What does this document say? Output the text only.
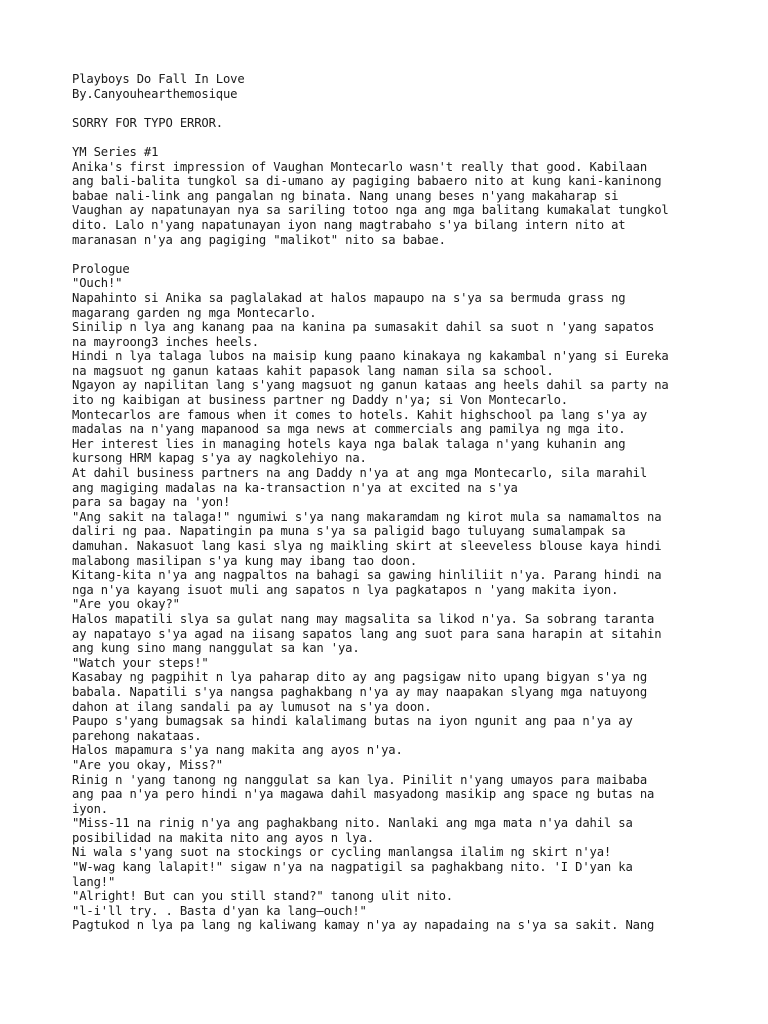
Playboys Do Fall In Love
By.Canyouhearthemosique
SORRY FOR TYPO ERROR.
YM Series #1
Anika's first impression of Vaughan Montecarlo wasn't really that good. Kabilaan
ang bali-balita tungkol sa di-umano ay pagiging babaero nito at kung kani-kaninong
babae nali-link ang pangalan ng binata. Nang unang beses n'yang makaharap si
Vaughan ay napatunayan nya sa sariling totoo nga ang mga balitang kumakalat tungkol
dito. Lalo n'yang napatunayan iyon nang magtrabaho s'ya bilang intern nito at
maranasan n'ya ang pagiging "malikot" nito sa babae.
Prologue
"Ouch!"
Napahinto si Anika sa paglalakad at halos mapaupo na s'ya sa bermuda grass ng
magarang garden ng mga Montecarlo.
Sinilip n lya ang kanang paa na kanina pa sumasakit dahil sa suot n 'yang sapatos
na mayroong3 inches heels.
Hindi n lya talaga lubos na maisip kung paano kinakaya ng kakambal n'yang si Eureka
na magsuot ng ganun kataas kahit papasok lang naman sila sa school.
Ngayon ay napilitan lang s'yang magsuot ng ganun kataas ang heels dahil sa party na
ito ng kaibigan at business partner ng Daddy n'ya; si Von Montecarlo.
Montecarlos are famous when it comes to hotels. Kahit highschool pa lang s'ya ay
madalas na n'yang mapanood sa mga news at commercials ang pamilya ng mga ito.
Her interest lies in managing hotels kaya nga balak talaga n'yang kuhanin ang
kursong HRM kapag s'ya ay nagkolehiyo na.
At dahil business partners na ang Daddy n'ya at ang mga Montecarlo, sila marahil
ang magiging madalas na ka-transaction n'ya at excited na s'ya
para sa bagay na 'yon!
"Ang sakit na talaga!" ngumiwi s'ya nang makaramdam ng kirot mula sa namamaltos na
daliri ng paa. Napatingin pa muna s'ya sa paligid bago tuluyang sumalampak sa
damuhan. Nakasuot lang kasi slya ng maikling skirt at sleeveless blouse kaya hindi
malabong masilipan s'ya kung may ibang tao doon.
Kitang-kita n'ya ang nagpaltos na bahagi sa gawing hinliliit n'ya. Parang hindi na
nga n'ya kayang isuot muli ang sapatos n lya pagkatapos n 'yang makita iyon.
"Are you okay?"
Halos mapatili slya sa gulat nang may magsalita sa likod n'ya. Sa sobrang taranta
ay napatayo s'ya agad na iisang sapatos lang ang suot para sana harapin at sitahin
ang kung sino mang nanggulat sa kan 'ya.
"Watch your steps!"
Kasabay ng pagpihit n lya paharap dito ay ang pagsigaw nito upang bigyan s'ya ng
babala. Napatili s'ya nangsa paghakbang n'ya ay may naapakan slyang mga natuyong
dahon at ilang sandali pa ay lumusot na s'ya doon.
Paupo s'yang bumagsak sa hindi kalalimang butas na iyon ngunit ang paa n'ya ay
parehong nakataas.
Halos mapamura s'ya nang makita ang ayos n'ya.
"Are you okay, Miss?"
Rinig n 'yang tanong ng nanggulat sa kan lya. Pinilit n'yang umayos para maibaba
ang paa n'ya pero hindi n'ya magawa dahil masyadong masikip ang space ng butas na
iyon.
"Miss-11 na rinig n'ya ang paghakbang nito. Nanlaki ang mga mata n'ya dahil sa
posibilidad na makita nito ang ayos n lya.
Ni wala s'yang suot na stockings or cycling manlangsa ilalim ng skirt n'ya!
"W-wag kang lalapit!" sigaw n'ya na nagpatigil sa paghakbang nito. 'I D'yan ka
lang!"
"Alright! But can you still stand?" tanong ulit nito.
"l-i'll try. . Basta d'yan ka lang—ouch!"
Pagtukod n lya pa lang ng kaliwang kamay n'ya ay napadaing na s'ya sa sakit. Nang
